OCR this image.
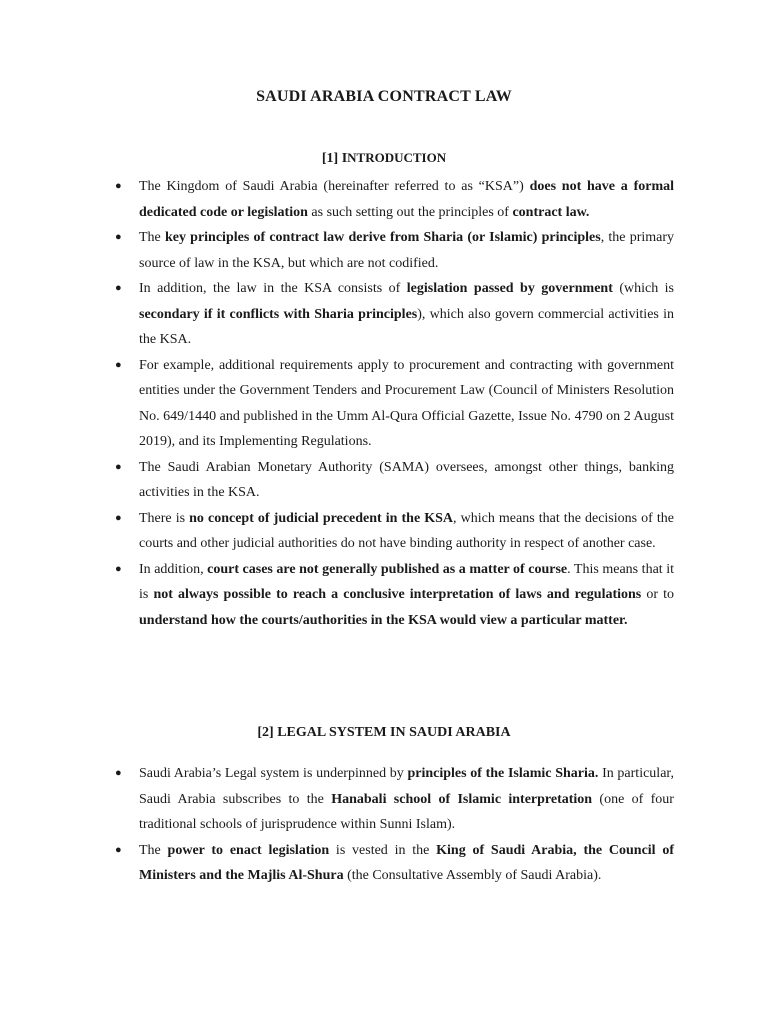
SAUDI ARABIA CONTRACT LAW
[1] INTRODUCTION
● The Kingdom of Saudi Arabia (hereinafter referred to as “KSA”) does not have a formal dedicated code or legislation as such setting out the principles of contract law.
● The key principles of contract law derive from Sharia (or Islamic) principles, the primary source of law in the KSA, but which are not codified.
● In addition, the law in the KSA consists of legislation passed by government (which is secondary if it conflicts with Sharia principles), which also govern commercial activities in the KSA.
● For example, additional requirements apply to procurement and contracting with government entities under the Government Tenders and Procurement Law (Council of Ministers Resolution No. 649/1440 and published in the Umm Al-Qura Official Gazette, Issue No. 4790 on 2 August 2019), and its Implementing Regulations.
● The Saudi Arabian Monetary Authority (SAMA) oversees, amongst other things, banking activities in the KSA.
● There is no concept of judicial precedent in the KSA, which means that the decisions of the courts and other judicial authorities do not have binding authority in respect of another case.
● In addition, court cases are not generally published as a matter of course. This means that it is not always possible to reach a conclusive interpretation of laws and regulations or to understand how the courts/authorities in the KSA would view a particular matter.
[2] LEGAL SYSTEM IN SAUDI ARABIA
● Saudi Arabia’s Legal system is underpinned by principles of the Islamic Sharia. In particular, Saudi Arabia subscribes to the Hanabali school of Islamic interpretation (one of four traditional schools of jurisprudence within Sunni Islam).
● The power to enact legislation is vested in the King of Saudi Arabia, the Council of Ministers and the Majlis Al-Shura (the Consultative Assembly of Saudi Arabia).
